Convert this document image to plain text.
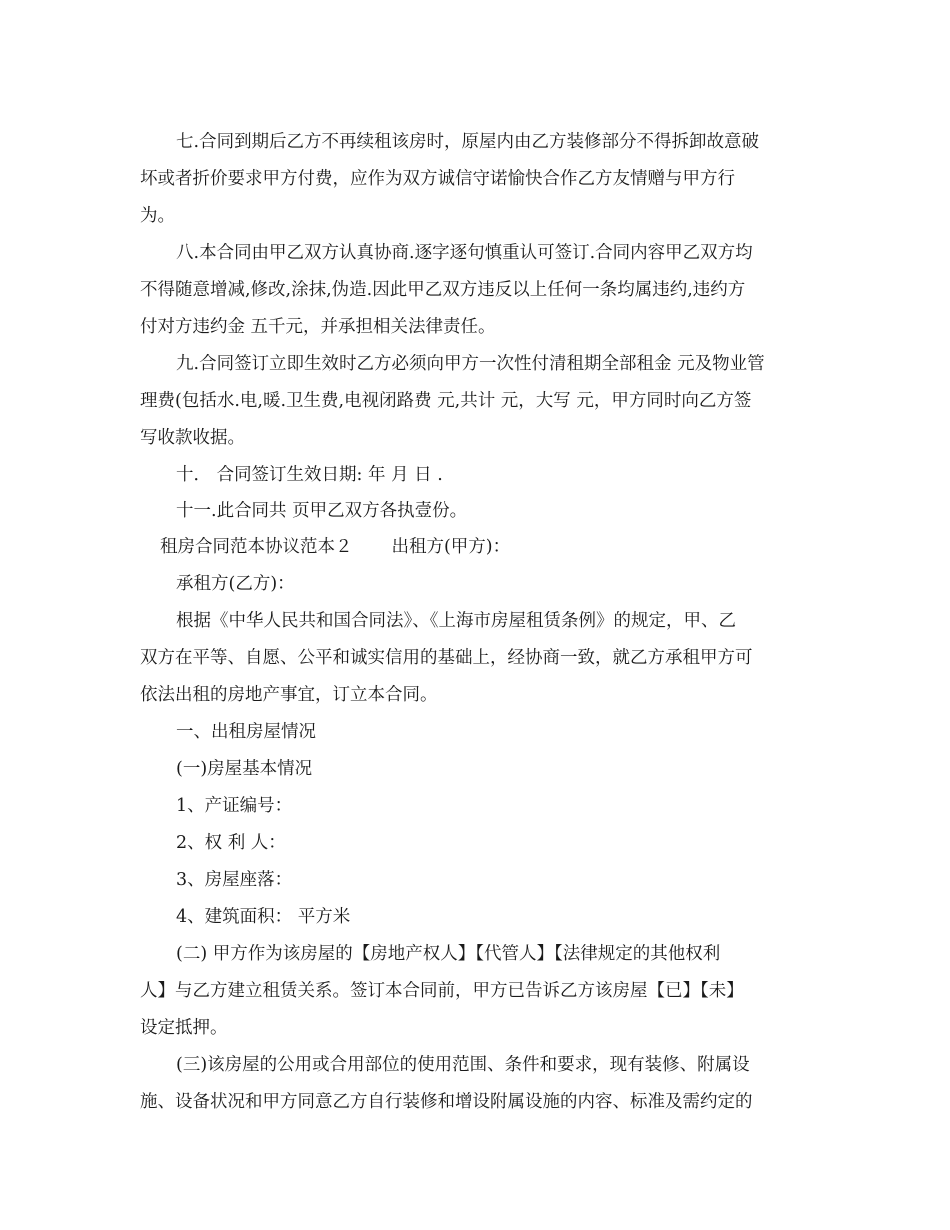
七.合同到期后乙方不再续租该房时，原屋内由乙方装修部分不得拆卸故意破

坏或者折价要求甲方付费，应作为双方诚信守诺愉快合作乙方友情赠与甲方行

为。

八.本合同由甲乙双方认真协商.逐字逐句慎重认可签订.合同内容甲乙双方均

不得随意增减,修改,涂抹,伪造.因此甲乙双方违反以上任何一条均属违约,违约方

付对方违约金 五千元，并承担相关法律责任。

九.合同签订立即生效时乙方必须向甲方一次性付清租期全部租金 元及物业管

理费(包括水.电,暖.卫生费,电视闭路费 元,共计 元，大写 元，甲方同时向乙方签

写收款收据。

十． 合同签订生效日期: 年 月 日 .

十一.此合同共 页甲乙双方各执壹份。

租房合同范本协议范本２       出租方(甲方)：

承租方(乙方)：

根据《中华人民共和国合同法》、《上海市房屋租赁条例》的规定，甲、乙

双方在平等、自愿、公平和诚实信用的基础上，经协商一致，就乙方承租甲方可

依法出租的房地产事宜，订立本合同。

一、出租房屋情况

(一)房屋基本情况

1、产证编号：

2、权 利 人：

3、房屋座落：

4、建筑面积： 平方米

(二) 甲方作为该房屋的【房地产权人】【代管人】【法律规定的其他权利

人】与乙方建立租赁关系。签订本合同前，甲方已告诉乙方该房屋【已】【未】

设定抵押。

(三)该房屋的公用或合用部位的使用范围、条件和要求，现有装修、附属设

施、设备状况和甲方同意乙方自行装修和增设附属设施的内容、标准及需约定的
